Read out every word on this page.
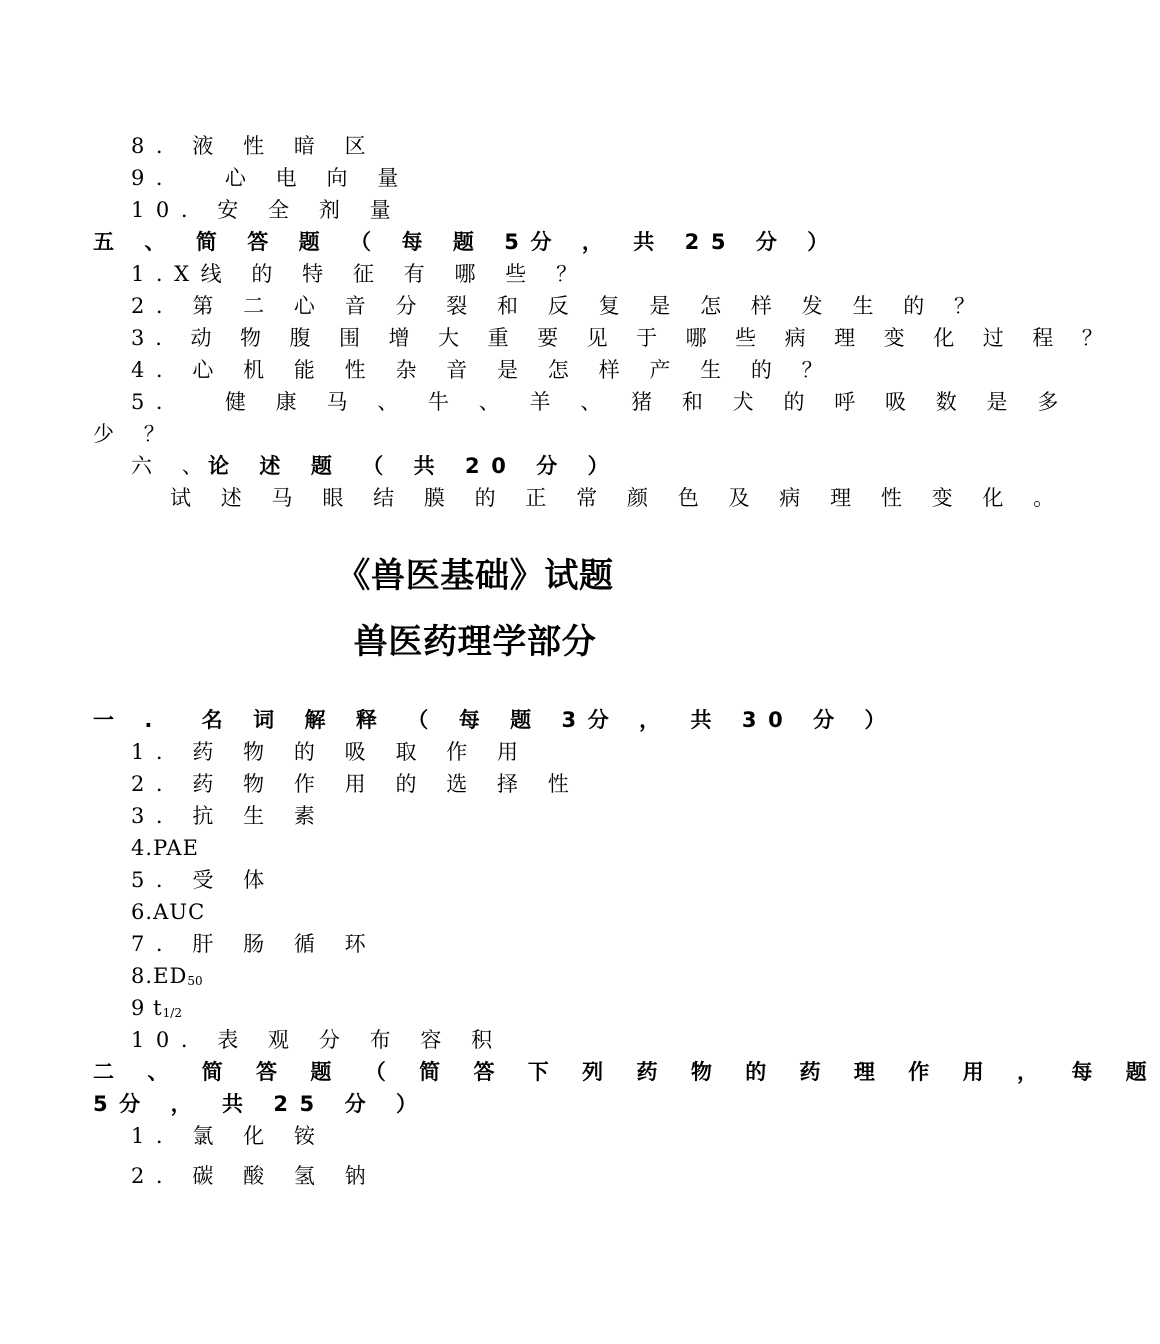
8. 液 性 暗 区
9．  心 电 向 量
10. 安 全 剂 量
五 、 简 答 题 （ 每 题 5分 ， 共 25 分 ）
1.X线 的 特 征 有 哪 些 ？
2. 第 二 心 音 分 裂 和 反 复 是 怎 样 发 生 的 ？
3. 动 物 腹 围 增 大 重 要 见 于 哪 些 病 理 变 化 过 程 ？
4. 心 机 能 性 杂 音 是 怎 样 产 生 的 ？
5．  健 康 马 、 牛 、 羊 、 猪 和 犬 的 呼 吸 数 是 多
少 ？
六 、
论 述 题 （ 共 20 分 ）
试 述 马 眼 结 膜 的 正 常 颜 色 及 病 理 性 变 化 。
《兽医基础》试题
兽医药理学部分
一 .  名 词 解 释 （ 每 题 3分 ， 共 30 分 ）
1. 药 物 的 吸 取 作 用
2. 药 物 作 用 的 选 择 性
3. 抗 生 素
4.PAE
5. 受 体
6.AUC
7. 肝 肠 循 环
$8.ED_{50}$
9 $t_{1/2}$
10. 表 观 分 布 容 积
二 、 简 答 题 （ 简 答 下 列 药 物 的 药 理 作 用 ， 每 题
5分 ， 共 25 分 ）
1. 氯 化 铵
2. 碳 酸 氢 钠
